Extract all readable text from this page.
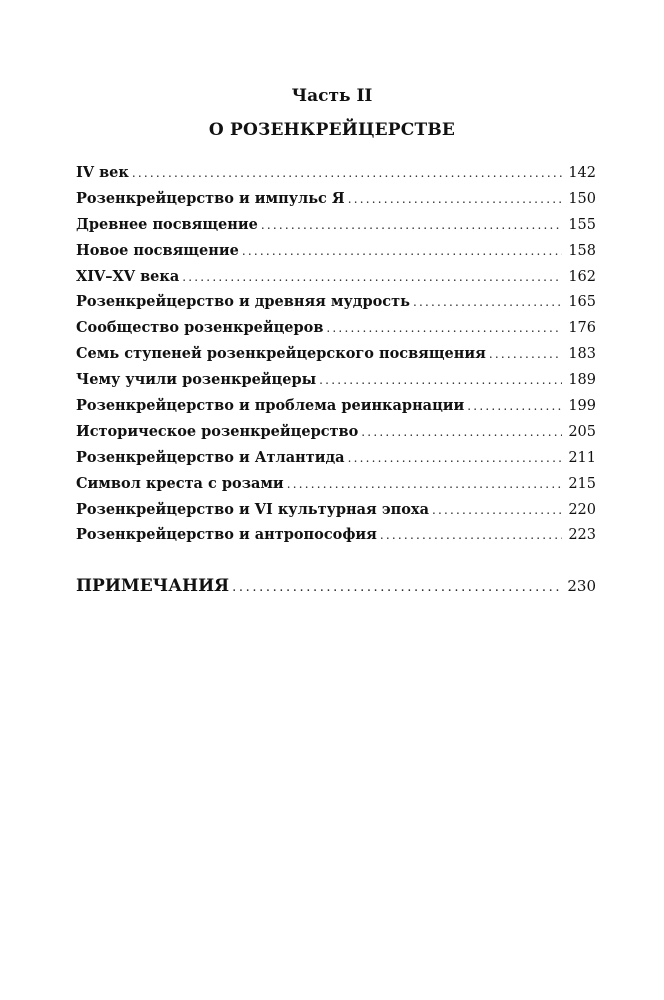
Часть II
О РОЗЕНКРЕЙЦЕРСТВЕ
IV век .....	142
Розенкрейцерство и импульс Я .....	150
Древнее посвящение .....	155
Новое посвящение .....	158
XIV–XV века .....	162
Розенкрейцерство и древняя мудрость .....	165
Сообщество розенкрейцеров .....	176
Семь ступеней розенкрейцерского посвящения .....	183
Чему учили розенкрейцеры .....	189
Розенкрейцерство и проблема реинкарнации .....	199
Историческое розенкрейцерство .....	205
Розенкрейцерство и Атлантида .....	211
Символ креста с розами .....	215
Розенкрейцерство и VI культурная эпоха .....	220
Розенкрейцерство и антропософия .....	223
ПРИМЕЧАНИЯ .....	230
